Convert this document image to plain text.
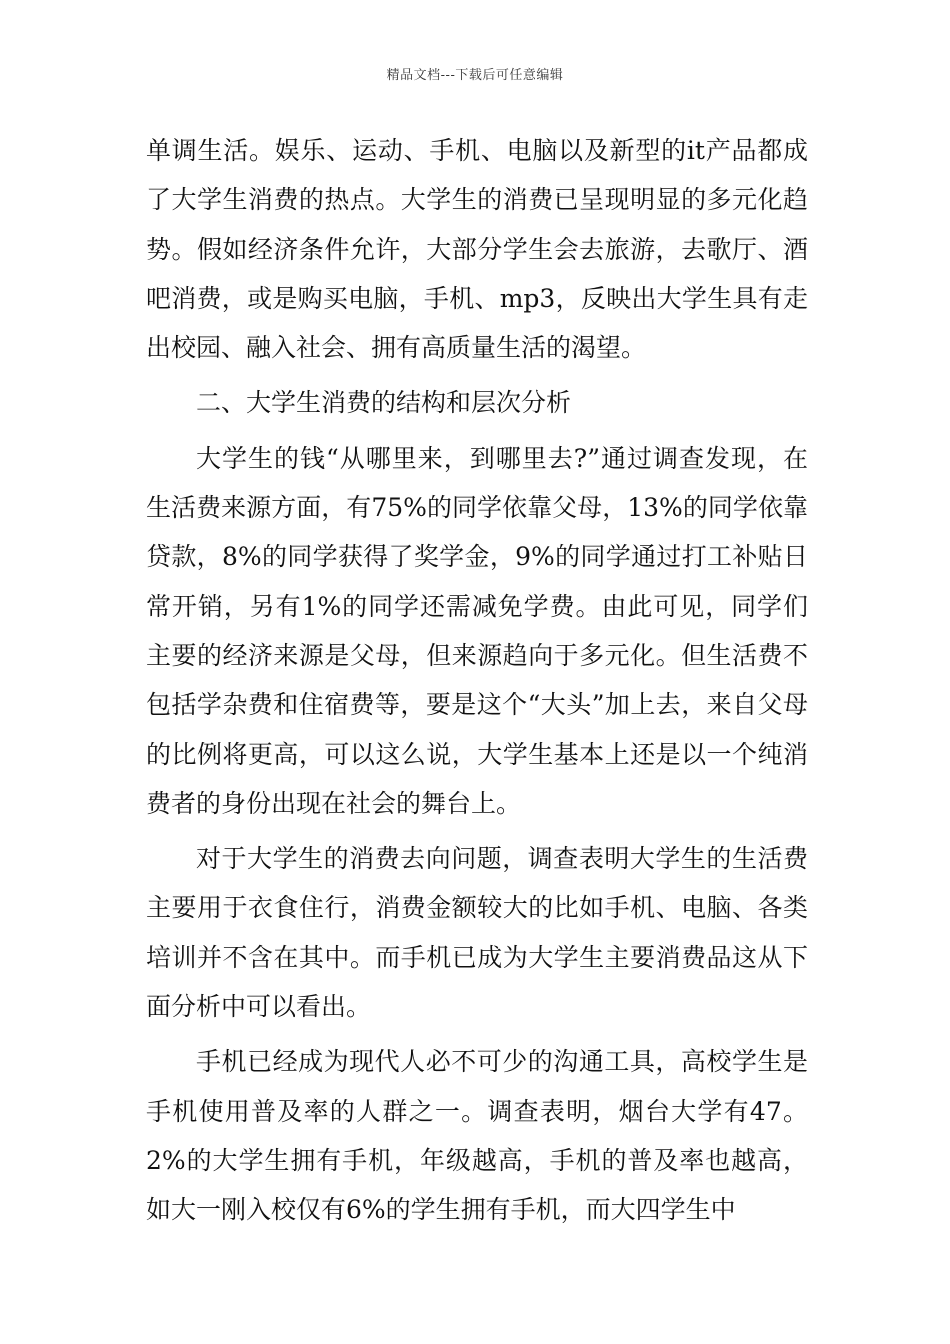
精品文档---下载后可任意编辑

单调生活。娱乐、运动、手机、电脑以及新型的it产品都成了大学生消费的热点。大学生的消费已呈现明显的多元化趋势。假如经济条件允许，大部分学生会去旅游，去歌厅、酒吧消费，或是购买电脑，手机、mp3，反映出大学生具有走出校园、融入社会、拥有高质量生活的渴望。

二、大学生消费的结构和层次分析

大学生的钱“从哪里来，到哪里去?”通过调查发现，在生活费来源方面，有75%的同学依靠父母，13%的同学依靠贷款，8%的同学获得了奖学金，9%的同学通过打工补贴日常开销，另有1%的同学还需减免学费。由此可见，同学们主要的经济来源是父母，但来源趋向于多元化。但生活费不包括学杂费和住宿费等，要是这个“大头”加上去，来自父母的比例将更高，可以这么说，大学生基本上还是以一个纯消费者的身份出现在社会的舞台上。

对于大学生的消费去向问题，调查表明大学生的生活费主要用于衣食住行，消费金额较大的比如手机、电脑、各类培训并不含在其中。而手机已成为大学生主要消费品这从下面分析中可以看出。

手机已经成为现代人必不可少的沟通工具，高校学生是手机使用普及率的人群之一。调查表明，烟台大学有47。2%的大学生拥有手机，年级越高，手机的普及率也越高，如大一刚入校仅有6%的学生拥有手机，而大四学生中
